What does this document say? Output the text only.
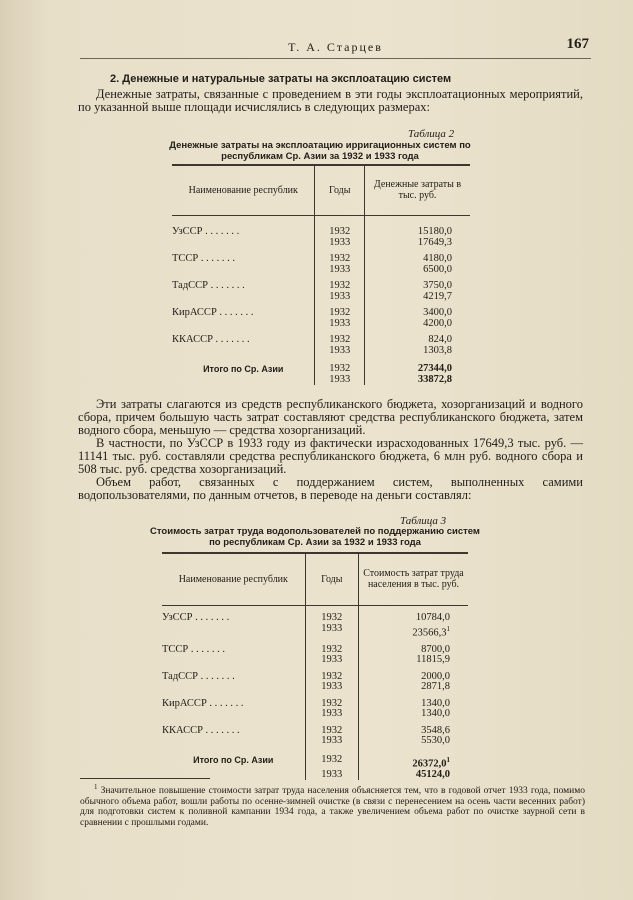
Т. А. Старцев	167
2. Денежные и натуральные затраты на эксплоатацию систем
Денежные затраты, связанные с проведением в эти годы эксплоатационных мероприятий, по указанной выше площади исчислялись в следующих размерах:
Таблица 2
Денежные затраты на эксплоатацию ирригационных систем по республикам Ср. Азии за 1932 и 1933 года
Наименование республик	Годы	Денежные затраты в тыс. руб.

УзССР . . . . . . .	1932	15180,0
	1933	17649,3

ТССР . . . . . . .	1932	4180,0
	1933	6500,0

ТадССР . . . . . . .	1932	3750,0
	1933	4219,7

КирАССР . . . . . . .	1932	3400,0
	1933	4200,0

ККАССР . . . . . . .	1932	824,0
	1933	1303,8

Итого по Ср. Азии	1932	27344,0
	1933	33872,8
Эти затраты слагаются из средств республиканского бюджета, хозорганизаций и водного сбора, причем большую часть затрат составляют средства республиканского бюджета, затем водного сбора, меньшую — средства хозорганизаций.
В частности, по УзССР в 1933 году из фактически израсходованных 17649,3 тыс. руб. — 11141 тыс. руб. составляли средства республиканского бюджета, 6 млн руб. водного сбора и 508 тыс. руб. средства хозорганизаций.
Объем работ, связанных с поддержанием систем, выполненных самими водопользователями, по данным отчетов, в переводе на деньги составлял:
Таблица 3
Стоимость затрат труда водопользователей по поддержанию систем по республикам Ср. Азии за 1932 и 1933 года
Наименование республик	Годы	Стоимость затрат труда населения в тыс. руб.

УзССР . . . . . . .	1932	10784,0
	1933	23566,3$^1$

ТССР . . . . . . .	1932	8700,0
	1933	11815,9

ТадССР . . . . . . .	1932	2000,0
	1933	2871,8

КирАССР . . . . . . .	1932	1340,0
	1933	1340,0

ККАССР . . . . . . .	1932	3548,6
	1933	5530,0

Итого по Ср. Азии	1932	26372,0$^1$
	1933	45124,0
$^1$ Значительное повышение стоимости затрат труда населения объясняется тем, что в годовой отчет 1933 года, помимо обычного объема работ, вошли работы по осенне-зимней очистке (в связи с перенесением на осень части весенних работ) для подготовки систем к поливной кампании 1934 года, а также увеличением объема работ по очистке заурной сети в сравнении с прошлыми годами.
